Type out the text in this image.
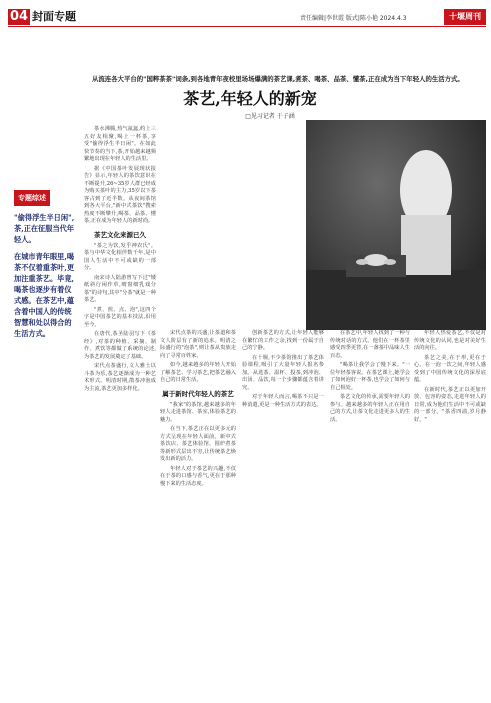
04 封面专题	责任编辑|李世霞 版式|陈小艳 2024.4.3	十堰周刊
从流连各大平台的"国粹茶茶"词条,到各地青年夜校里场场爆满的茶艺课,煮茶、喝茶、品茶、懂茶,正在成为当下年轻人的生活方式。
茶艺,年轻人的新宠
□见习记者 于子涵
专题综述

"偷得浮生半日闲",茶,正在征服当代年轻人。

在城市青年眼里,喝茶不仅着重茶叶,更加注重茶艺。毕竟,喝茶也逐步有着仪式感。在茶艺中,蕴含着中国人的传统智慧和处以得合的生活方式。

茶水沸腾,热气氤氲,约上三五好友相聚,喝上一杯茶,享受"偷得浮生半日闲"。在如此快节奏的当下,茶,开始越来越频繁地出现在年轻人的生活里。

据《中国茶叶发展现状报告》显示,年轻人的茶饮意识在不断提升,26~35岁人群已经成为购买茶叶的主力,35岁以下茶客占到了近半数。从夜间茶馆到各大平台,"新中式茶饮"搜索热度不断攀升,喝茶、品茶、懂茶,正在成为年轻人的新时尚。

茶艺文化来源已久

"茶之为饮,发乎神农氏"。茶与中华文化相伴数千年,是中国人生活中不可或缺的一部分。

南宋诗人陆游曾写下过"矮纸斜行闲作草,晴窗细乳戏分茶"的诗句,其中"分茶"就是一种茶艺。

"煮、煎、点、泡",这四个字是中国茶艺的基本技法,沿用至今。

在唐代,茶圣陆羽写下《茶经》,对茶的种植、采摘、制作、煮饮等都做了系统的论述,为茶艺的发展奠定了基础。

宋代点茶盛行,文人雅士以斗茶为乐,茶艺逐渐成为一种艺术形式。明清时期,散茶冲泡成为主流,茶艺更加多样化。

宋代点茶的兴盛,让茶道和茶文人阶层有了新的追求。明清之际盛行的"泡茶",则让茶从贵族走向了寻常百姓家。

如今,越来越多的年轻人开始了解茶艺、学习茶艺,把茶艺融入自己的日常生活。

属于新时代年轻人的茶艺

"我家"的茶馆,越来越多的年轻人走进茶馆、茶室,体验茶艺的魅力。

在当下,茶艺正在以更多元的方式呈现在年轻人面前。新中式茶饮店、茶艺体验馆、围炉煮茶等新形式层出不穷,让传统茶艺焕发出新的活力。

年轻人对于茶艺的兴趣,不仅在于茶的口感与香气,更在于那种慢下来的生活态度。

创新茶艺的方式,让年轻人能够在繁忙的工作之余,找到一份属于自己的宁静。

在十堰,不少茶馆推出了茶艺体验课程,吸引了大量年轻人报名参加。从选茶、温杯、投茶,到冲泡、出汤、品饮,每一个步骤都蕴含着讲究。

对于年轻人而言,喝茶不只是一种消遣,更是一种生活方式的表达。

在茶艺中,年轻人找到了一种与传统对话的方式。他们在一杯茶里感受四季更替,在一盏茶中品味人生百态。

"喝茶让我学会了慢下来。"一位年轻茶客说。在茶艺课上,她学会了如何泡好一杯茶,也学会了如何与自己相处。

茶艺文化的传承,需要年轻人的参与。越来越多的年轻人正在用自己的方式,让茶文化走进更多人的生活。

年轻人热爱茶艺,不仅是对传统文化的认同,也是对美好生活的向往。

茶艺之美,在于形,更在于心。在一泡一饮之间,年轻人感受到了中国传统文化的深厚底蕴。

在新时代,茶艺正以更加开放、包容的姿态,走进年轻人的日常,成为他们生活中不可或缺的一部分。"茶香四溢,岁月静好。"
